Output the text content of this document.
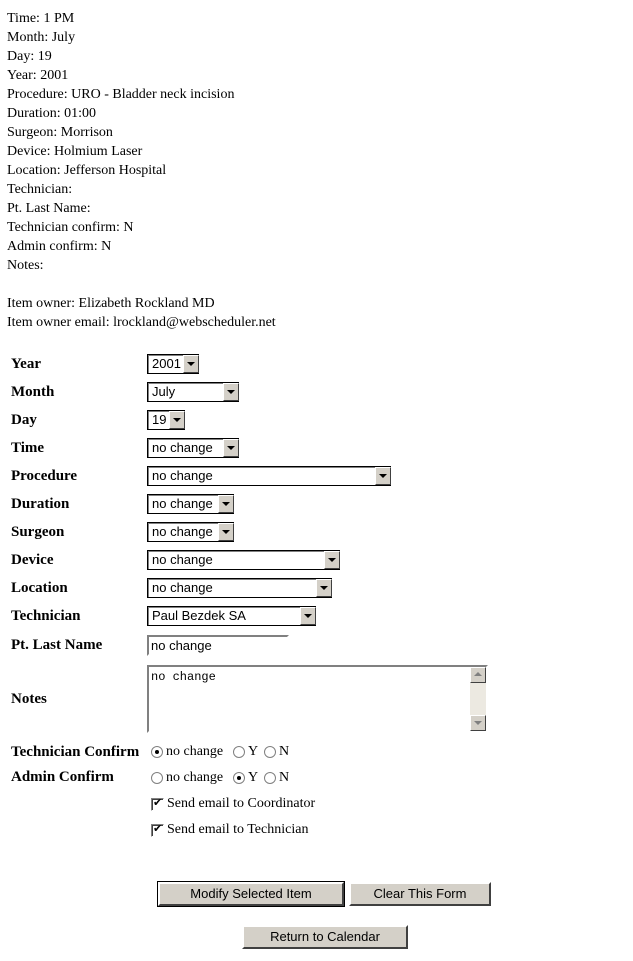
Time: 1 PM
Month: July
Day: 19
Year: 2001
Procedure: URO - Bladder neck incision
Duration: 01:00
Surgeon: Morrison
Device: Holmium Laser
Location: Jefferson Hospital
Technician:
Pt. Last Name:
Technician confirm: N
Admin confirm: N
Notes:
Item owner: Elizabeth Rockland MD
Item owner email: lrockland@webscheduler.net
Year
Month
Day
Time
Procedure
Duration
Surgeon
Device
Location
Technician
Pt. Last Name
Notes
Technician Confirm
Admin Confirm
2001
July
19
no change
no change
no change
no change
no change
no change
Paul Bezdek SA
no change
no change
no change Y N
no change Y N
✔
Send email to Coordinator
✔
Send email to Technician
Modify Selected Item	Clear This Form
Return to Calendar
